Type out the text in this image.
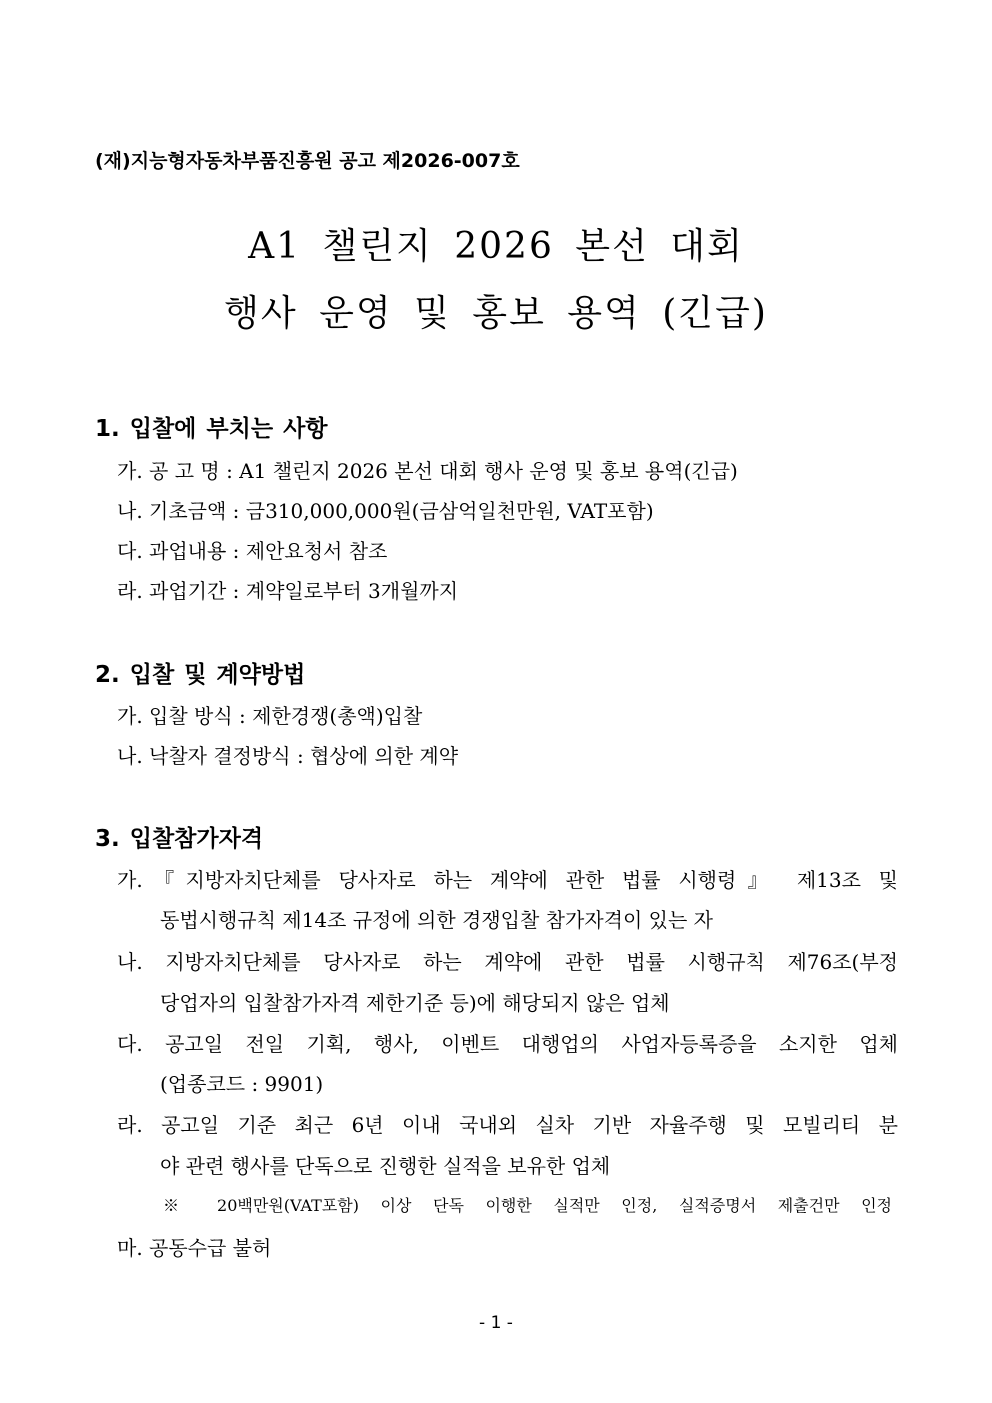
(재)지능형자동차부품진흥원 공고 제2026-007호
A1 챌린지 2026 본선 대회
행사 운영 및 홍보 용역 (긴급)
1. 입찰에 부치는 사항
가. 공 고 명 : A1 챌린지 2026 본선 대회 행사 운영 및 홍보 용역(긴급)
나. 기초금액 : 금310,000,000원(금삼억일천만원, VAT포함)
다. 과업내용 : 제안요청서 참조
라. 과업기간 : 계약일로부터 3개월까지
2. 입찰 및 계약방법
가. 입찰 방식 : 제한경쟁(총액)입찰
나. 낙찰자 결정방식 : 협상에 의한 계약
3. 입찰참가자격
가.『지방자치단체를 당사자로 하는 계약에 관한 법률 시행령』 제13조 및
동법시행규칙 제14조 규정에 의한 경쟁입찰 참가자격이 있는 자
나. 지방자치단체를 당사자로 하는 계약에 관한 법률 시행규칙 제76조(부정
당업자의 입찰참가자격 제한기준 등)에 해당되지 않은 업체
다. 공고일 전일 기획, 행사, 이벤트 대행업의 사업자등록증을 소지한 업체
(업종코드 : 9901)
라. 공고일 기준 최근 6년 이내 국내외 실차 기반 자율주행 및 모빌리티 분
야 관련 행사를 단독으로 진행한 실적을 보유한 업체
※ 20백만원(VAT포함) 이상 단독 이행한 실적만 인정, 실적증명서 제출건만 인정
마. 공동수급 불허
- 1 -
